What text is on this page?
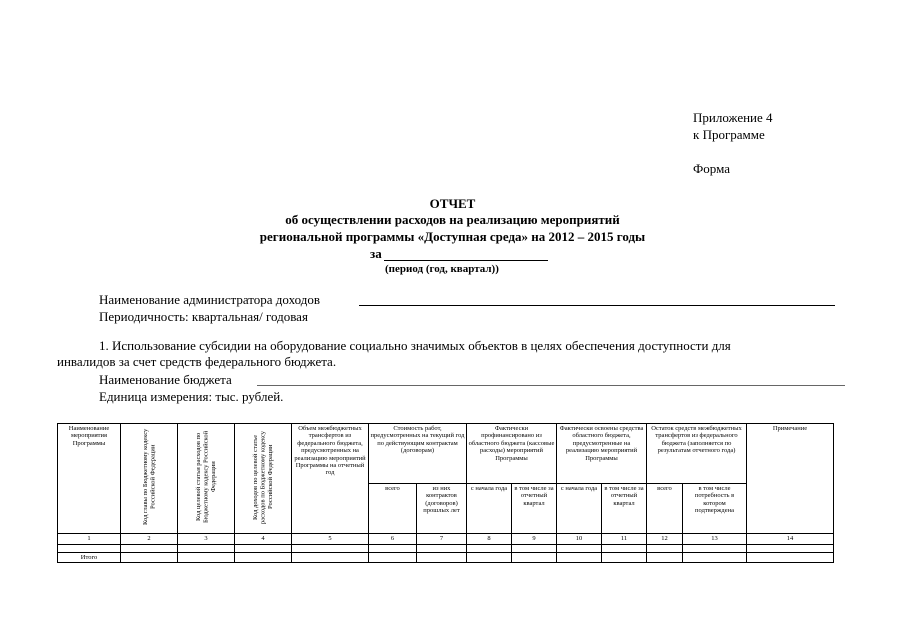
Приложение 4
к Программе
Форма
ОТЧЕТ
об осуществлении расходов на реализацию мероприятий
региональной программы «Доступная среда» на 2012 – 2015 годы
за
(период (год, квартал))
Наименование администратора доходов
Периодичность: квартальная/ годовая
1. Использование субсидии на оборудование социально значимых объектов в целях обеспечения доступности для
инвалидов за счет средств федерального бюджета.
Наименование бюджета
Единица измерения: тыс. рублей.
Наименование мероприятия Программы	Код главы по Бюджетному кодексу Российской Федерации	Код целевой статьи расходов по Бюджетному кодексу Российской Федерации	Код доходов по целевой статье расходов по Бюджетному кодексу Российской Федерации	Объем межбюджетных трансфертов из федерального бюджета, предусмотренных на реализацию мероприятий Программы на отчетный год	Стоимость работ, предусмотренных на текущий год по действующим контрактам (договорам)		Фактически профинансировано из областного бюджета (кассовые расходы) мероприятий Программы		Фактически освоены средства областного бюджета, предусмотренные на реализацию мероприятий Программы		Остаток средств межбюджетных трансфертов из федерального бюджета (заполняется по результатам отчетного года)		Примечание
					всего	из них контрактов (договоров) прошлых лет	с начала года	в том числе за отчетный квартал	с начала года	в том числе за отчетный квартал	всего	в том числе потребность в котором подтверждена	
1	2	3	4	5	6	7	8	9	10	11	12	13	14

Итого													
